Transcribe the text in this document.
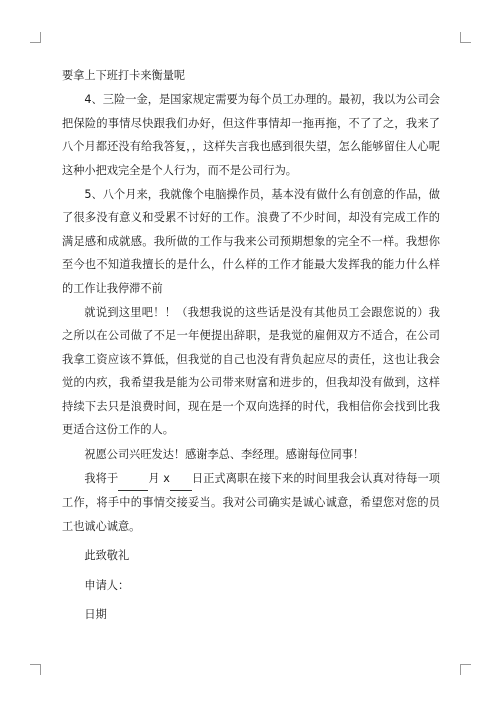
要拿上下班打卡来衡量呢

4、三险一金，是国家规定需要为每个员工办理的。最初，我以为公司会把保险的事情尽快跟我们办好，但这件事情却一拖再拖，不了了之，我来了八个月都还没有给我答复，，这样失言我也感到很失望，怎么能够留住人心呢这种小把戏完全是个人行为，而不是公司行为。

5、八个月来，我就像个电脑操作员，基本没有做什么有创意的作品，做了很多没有意义和受累不讨好的工作。浪费了不少时间，却没有完成工作的满足感和成就感。我所做的工作与我来公司预期想象的完全不一样。我想你至今也不知道我擅长的是什么，什么样的工作才能最大发挥我的能力什么样的工作让我停滞不前

就说到这里吧！！（我想我说的这些话是没有其他员工会跟您说的）我之所以在公司做了不足一年便提出辞职，是我觉的雇佣双方不适合，在公司我拿工资应该不算低，但我觉的自己也没有背负起应尽的责任，这也让我会觉的内疚，我希望我是能为公司带来财富和进步的，但我却没有做到，这样持续下去只是浪费时间，现在是一个双向选择的时代，我相信你会找到比我更适合这份工作的人。

祝愿公司兴旺发达！感谢李总、李经理。感谢每位同事！

我将于	月 x 日正式离职在接下来的时间里我会认真对待每一项工作，将手中的事情交接妥当。我对公司确实是诚心诚意，希望您对您的员工也诚心诚意。

此致敬礼

申请人：

日期
